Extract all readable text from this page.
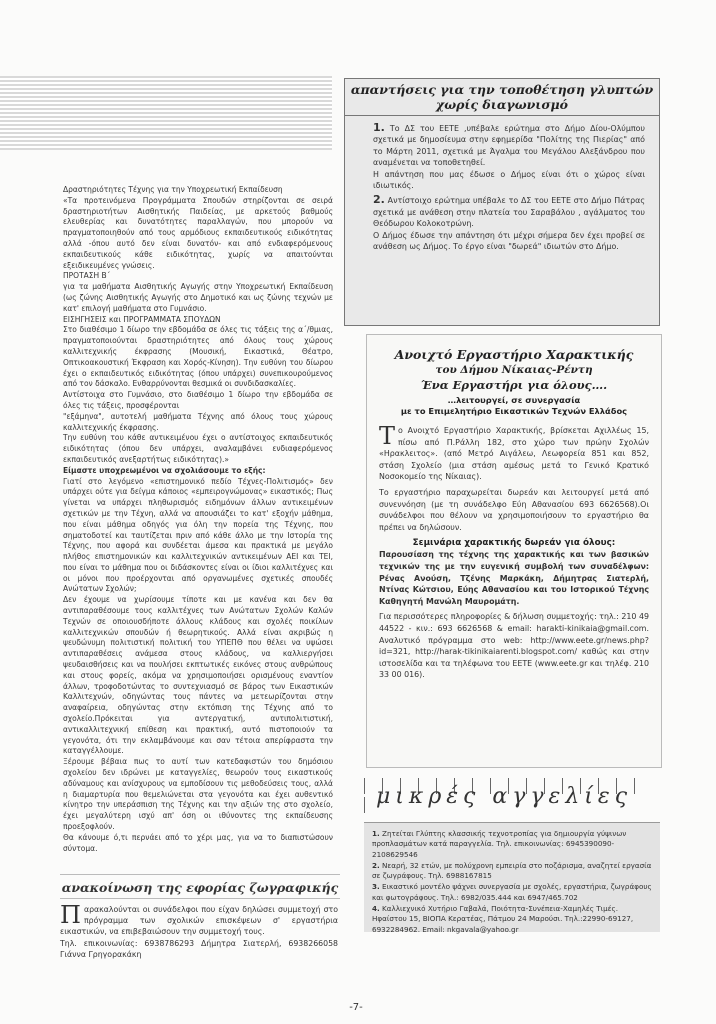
Δραστηριότητες Τέχνης για την Υποχρεωτική Εκπαίδευση

«Τα προτεινόμενα Προγράμματα Σπουδών στηρίζονται σε σειρά δραστηριοτήτων Αισθητικής Παιδείας, με αρκετούς βαθμούς ελευθερίας και δυνατότητες παραλλαγών, που μπορούν να πραγματοποιηθούν από τους αρμόδιους εκπαιδευτικούς ειδικότητας αλλά -όπου αυτό δεν είναι δυνατόν- και από ενδιαφερόμενους εκπαιδευτικούς κάθε ειδικότητας, χωρίς να απαιτούνται εξειδικευμένες γνώσεις.

ΠΡΟΤΑΣΗ Β΄

για τα μαθήματα Αισθητικής Αγωγής στην Υποχρεωτική Εκπαίδευση (ως ζώνης Αισθητικής Αγωγής στο Δημοτικό και ως ζώνης τεχνών με κατ' επιλογή μαθήματα στο Γυμνάσιο.

ΕΙΣΗΓΗΣΕΙΣ και ΠΡΟΓΡΑΜΜΑΤΑ ΣΠΟΥΔΩΝ

Στο διαθέσιμο 1 δίωρο την εβδομάδα σε όλες τις τάξεις της α΄/θμιας, πραγματοποιούνται δραστηριότητες από όλους τους χώρους καλλιτεχνικής έκφρασης (Μουσική, Εικαστικά, Θέατρο, Οπτικοακουστική Έκφραση και Χορός-Κίνηση). Την ευθύνη του δίωρου έχει ο εκπαιδευτικός ειδικότητας (όπου υπάρχει) συνεπικουρούμενος από τον δάσκαλο. Ενθαρρύνονται θεσμικά οι συνδιδασκαλίες.

Αντίστοιχα στο Γυμνάσιο, στο διαθέσιμο 1 δίωρο την εβδομάδα σε όλες τις τάξεις, προσφέρονται

"εξάμηνα", αυτοτελή μαθήματα Τέχνης από όλους τους χώρους καλλιτεχνικής έκφρασης.

Την ευθύνη του κάθε αντικειμένου έχει ο αντίστοιχος εκπαιδευτικός ειδικότητας (όπου δεν υπάρχει, αναλαμβάνει ενδιαφερόμενος εκπαιδευτικός ανεξαρτήτως ειδικότητας).»

Είμαστε υποχρεωμένοι να σχολιάσουμε το εξής:

Γιατί στο λεγόμενο «επιστημονικό πεδίο Τέχνες-Πολιτισμός» δεν υπάρχει ούτε για δείγμα κάποιος «εμπειρογνώμονας» εικαστικός; Πως γίνεται να υπάρχει πληθωρισμός ειδημόνων άλλων αντικειμένων σχετικών με την Τέχνη, αλλά να απουσιάζει το κατ' εξοχήν μάθημα, που είναι μάθημα οδηγός για όλη την πορεία της Τέχνης, που σηματοδοτεί και ταυτίζεται πριν από κάθε άλλο με την Ιστορία της Τέχνης, που αφορά και συνδέεται άμεσα και πρακτικά με μεγάλο πλήθος επιστημονικών και καλλιτεχνικών αντικειμένων ΑΕΙ και ΤΕΙ, που είναι το μάθημα που οι διδάσκοντες είναι οι ίδιοι καλλιτέχνες και οι μόνοι που προέρχονται από οργανωμένες σχετικές σπουδές Ανώτατων Σχολών;

Δεν έχουμε να χωρίσουμε τίποτε και με κανένα και δεν θα αντιπαραθέσουμε τους καλλιτέχνες των Ανώτατων Σχολών Καλών Τεχνών σε οποιουσδήποτε άλλους κλάδους και σχολές ποικίλων καλλιτεχνικών σπουδών ή θεωρητικούς. Αλλά είναι ακριβώς η ψευδώνυμη πολιτιστική πολιτική του ΥΠΕΠΘ που θέλει να υψώσει αντιπαραθέσεις ανάμεσα στους κλάδους, να καλλιεργήσει ψευδαισθήσεις και να πουλήσει εκπτωτικές εικόνες στους ανθρώπους και στους φορείς, ακόμα να χρησιμοποιήσει ορισμένους εναντίον άλλων, τροφοδοτώντας το συντεχνιασμό σε βάρος των Εικαστικών Καλλιτεχνών, οδηγώντας τους πάντες να μετεωρίζονται στην αναφαίρεια, οδηγώντας στην εκτόπιση της Τέχνης από το σχολείο.Πρόκειται για αντεργατική, αντιπολιτιστική, αντικαλλιτεχνική επίθεση και πρακτική, αυτό πιστοποιούν τα γεγονότα, ότι την εκλαμβάνουμε και σαν τέτοια απερίφραστα την καταγγέλλουμε.

Ξέρουμε βέβαια πως το αυτί των κατεδαφιστών του δημόσιου σχολείου δεν ιδρώνει με καταγγελίες, θεωρούν τους εικαστικούς αδύναμους και ανίσχυρους να εμποδίσουν τις μεθοδεύσεις τους, αλλά η διαμαρτυρία που θεμελιώνεται στα γεγονότα και έχει αυθεντικό κίνητρο την υπεράσπιση της Τέχνης και την αξιών της στο σχολείο, έχει μεγαλύτερη ισχύ απ' όση οι ιθύνοντες της εκπαίδευσης προεξοφλούν.

Θα κάνουμε ό,τι περνάει από το χέρι μας, για να το διαπιστώσουν σύντομα.

ανακοίνωση της εφορίας ζωγραφικής
Παρακαλούνται οι συνάδελφοι που είχαν δηλώσει συμμετοχή στο πρόγραμμα των σχολικών επισκέψεων σ' εργαστήρια εικαστικών, να επιβεβαιώσουν την συμμετοχή τους.
Τηλ. επικοινωνίας: 6938786293 Δήμητρα Σιατερλή, 6938266058 Γιάννα Γρηγορακάκη
απαντήσεις για την τοποθέτηση γλυπτών
χωρίς διαγωνισμό

1. Το ΔΣ του ΕΕΤΕ ,υπέβαλε ερώτημα στο Δήμο Δίου-Ολύμπου σχετικά με δημοσίευμα στην εφημερίδα "Πολίτης της Πιερίας" από το Μάρτη 2011, σχετικά με Άγαλμα του Μεγάλου Αλεξάνδρου που αναμένεται να τοποθετηθεί.

Η απάντηση που μας έδωσε ο Δήμος είναι ότι ο χώρος είναι ιδιωτικός.

2. Αντίστοιχο ερώτημα υπέβαλε το ΔΣ του ΕΕΤΕ στο Δήμο Πάτρας σχετικά με ανάθεση στην πλατεία του Σαραβάλου , αγάλματος του Θεόδωρου Κολοκοτρώνη.

Ο Δήμος έδωσε την απάντηση ότι μέχρι σήμερα δεν έχει προβεί σε ανάθεση ως Δήμος. Το έργο είναι "δωρεά" ιδιωτών στο Δήμο.

Ανοιχτό Εργαστήριο Χαρακτικής
του Δήμου Νίκαιας-Ρέντη
Ένα Εργαστήρι για όλους….
…λειτουργεί, σε συνεργασία
με το Επιμελητήριο Εικαστικών Τεχνών Ελλάδος

Το Ανοιχτό Εργαστήριο Χαρακτικής, βρίσκεται Αχιλλέως 15, πίσω από Π.Ράλλη 182, στο χώρο των πρώην Σχολών «Ηρακλειτος». (από Μετρό Αιγάλεω, Λεωφορεία 851 και 852, στάση Σχολείο (μια στάση αμέσως μετά το Γενικό Κρατικό Νοσοκομείο της Νίκαιας).

Το εργαστήριο παραχωρείται δωρεάν και λειτουργεί μετά από συνεννόηση (με τη συνάδελφο Εύη Αθανασίου 693 6626568).Οι συνάδελφοι που θέλουν να χρησιμοποιήσουν το εργαστήριο θα πρέπει να δηλώσουν.

Σεμινάρια χαρακτικής δωρεάν για όλους:

Παρουσίαση της τέχνης της χαρακτικής και των βασικών τεχνικών της με την ευγενική συμβολή των συναδέλφων: Ρένας Ανούση, Τζένης Μαρκάκη, Δήμητρας Σιατερλή, Ντίνας Κώτσιου, Εύης Αθανασίου και του Ιστορικού Τέχνης Καθηγητή Μανώλη Μαυρομάτη.

Για περισσότερες πληροφορίες & δήλωση συμμετοχής: τηλ.: 210 49 44522 - κιν.: 693 6626568 & email: harakti-kinikaia@gmail.com. Αναλυτικό πρόγραμμα στο web: http://www.eete.gr/news.php?id=321, http://harak-tikinikaiarenti.blogspot.com/ καθώς και στην ιστοσελίδα και τα τηλέφωνα του ΕΕΤΕ (www.eete.gr και τηλέφ. 210 33 00 016).

μικρές αγγελίες
1. Ζητείται Γλύπτης κλασσικής τεχνοτροπίας για δημιουργία γύψινων προπλασμάτων κατά παραγγελία. Τηλ. επικοινωνίας: 6945390090-2108629546
2. Νεαρή, 32 ετών, με πολύχρονη εμπειρία στο ποζάρισμα, αναζητεί εργασία σε ζωγράφους. Τηλ. 6988167815
3. Εικαστικό μοντέλο ψάχνει συνεργασία με σχολές, εργαστήρια, ζωγράφους και φωτογράφους. Τηλ.: 6982/035.444 και 6947/465.702
4. Καλλιεχνικό Χυτήριο Γαβαλά, Ποιότητα-Συνέπεια-Χαμηλές Τιμές. Ηφαίστου 15, ΒΙΟΠΑ Κερατέας, Πάτμου 24 Μαρούσι. Τηλ.:22990-69127, 6932284962. Email: nkgavala@yahoo.gr
-7-
